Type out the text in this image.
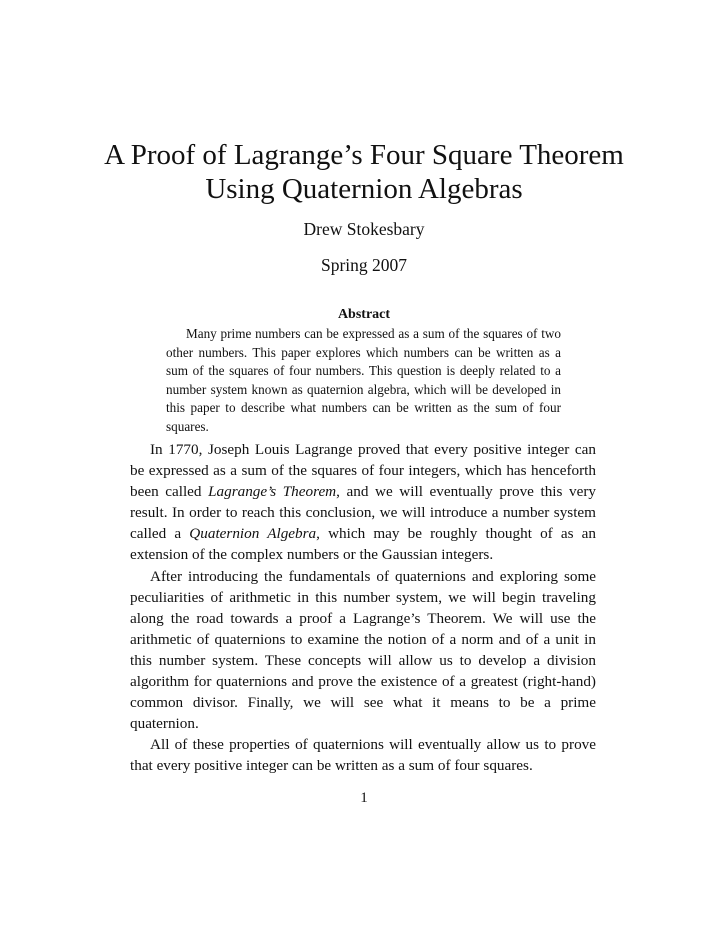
A Proof of Lagrange’s Four Square Theorem
Using Quaternion Algebras
Drew Stokesbary
Spring 2007
Abstract

Many prime numbers can be expressed as a sum of the squares of two other numbers. This paper explores which numbers can be written as a sum of the squares of four numbers. This question is deeply related to a number system known as quaternion algebra, which will be developed in this paper to describe what numbers can be written as the sum of four squares.

In 1770, Joseph Louis Lagrange proved that every positive integer can be expressed as a sum of the squares of four integers, which has henceforth been called Lagrange’s Theorem, and we will eventually prove this very result. In order to reach this conclusion, we will introduce a number system called a Quaternion Algebra, which may be roughly thought of as an extension of the complex numbers or the Gaussian integers.

After introducing the fundamentals of quaternions and exploring some peculiarities of arithmetic in this number system, we will begin traveling along the road towards a proof a Lagrange’s Theorem. We will use the arithmetic of quaternions to examine the notion of a norm and of a unit in this number system. These concepts will allow us to develop a division algorithm for quaternions and prove the existence of a greatest (right-hand) common divisor. Finally, we will see what it means to be a prime quaternion.

All of these properties of quaternions will eventually allow us to prove that every positive integer can be written as a sum of four squares.

1
